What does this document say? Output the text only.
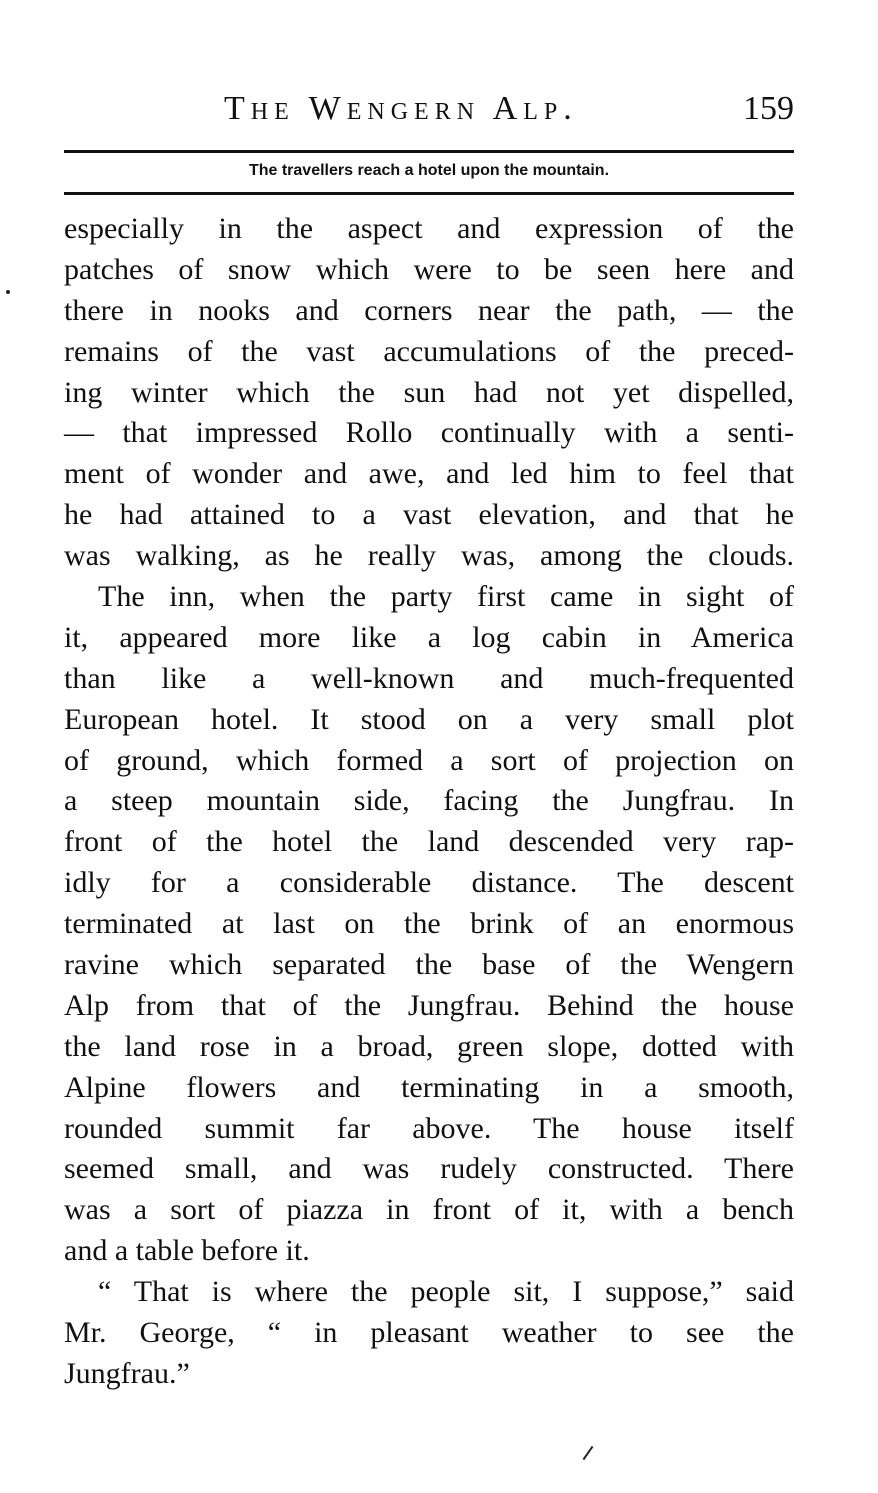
The Wengern Alp.	159
The travellers reach a hotel upon the mountain.
especially in the aspect and expression of the
patches of snow which were to be seen here and
there in nooks and corners near the path, — the
remains of the vast accumulations of the preced-
ing winter which the sun had not yet dispelled,
— that impressed Rollo continually with a senti-
ment of wonder and awe, and led him to feel that
he had attained to a vast elevation, and that he
was walking, as he really was, among the clouds.
The inn, when the party first came in sight of
it, appeared more like a log cabin in America
than like a well-known and much-frequented
European hotel. It stood on a very small plot
of ground, which formed a sort of projection on
a steep mountain side, facing the Jungfrau. In
front of the hotel the land descended very rap-
idly for a considerable distance. The descent
terminated at last on the brink of an enormous
ravine which separated the base of the Wengern
Alp from that of the Jungfrau. Behind the house
the land rose in a broad, green slope, dotted with
Alpine flowers and terminating in a smooth,
rounded summit far above. The house itself
seemed small, and was rudely constructed. There
was a sort of piazza in front of it, with a bench
and a table before it.
“ That is where the people sit, I suppose,” said
Mr. George, “ in pleasant weather to see the
Jungfrau.”
